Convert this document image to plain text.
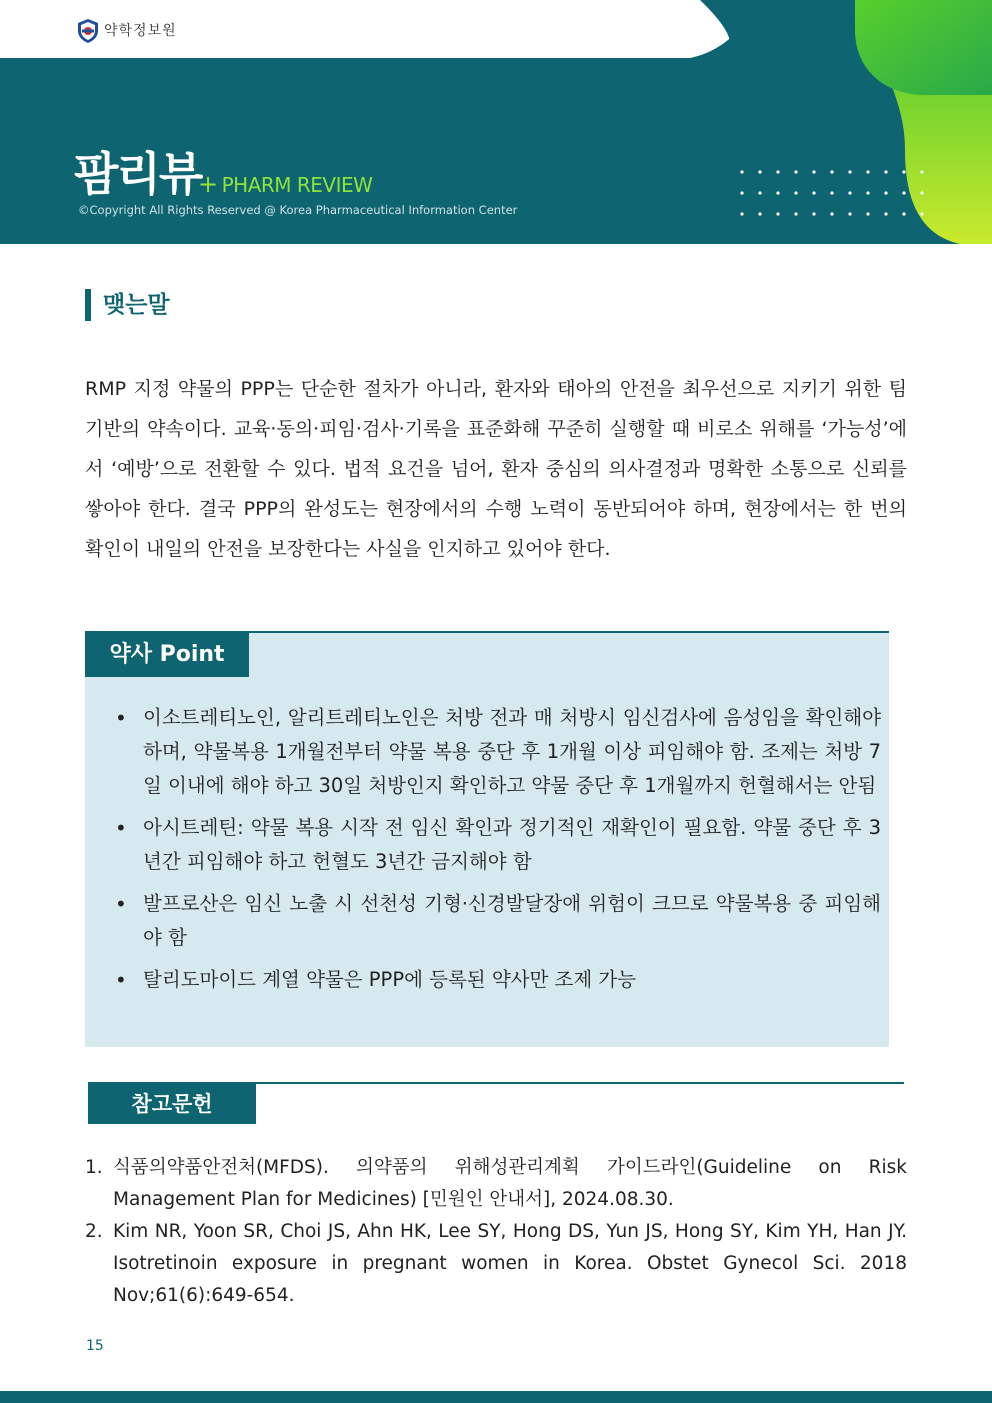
약학정보원
팜리뷰
+ PHARM REVIEW
©Copyright All Rights Reserved @ Korea Pharmaceutical Information Center
맺는말

RMP 지정 약물의 PPP는 단순한 절차가 아니라, 환자와 태아의 안전을 최우선으로 지키기 위한 팀 기반의 약속이다. 교육·동의·피임·검사·기록을 표준화해 꾸준히 실행할 때 비로소 위해를 ‘가능성’에서 ‘예방’으로 전환할 수 있다. 법적 요건을 넘어, 환자 중심의 의사결정과 명확한 소통으로 신뢰를 쌓아야 한다. 결국 PPP의 완성도는 현장에서의 수행 노력이 동반되어야 하며, 현장에서는 한 번의 확인이 내일의 안전을 보장한다는 사실을 인지하고 있어야 한다.

약사 Point
• 이소트레티노인, 알리트레티노인은 처방 전과 매 처방시 임신검사에 음성임을 확인해야 하며, 약물복용 1개월전부터 약물 복용 중단 후 1개월 이상 피임해야 함. 조제는 처방 7일 이내에 해야 하고 30일 처방인지 확인하고 약물 중단 후 1개월까지 헌혈해서는 안됨
• 아시트레틴: 약물 복용 시작 전 임신 확인과 정기적인 재확인이 필요함. 약물 중단 후 3년간 피임해야 하고 헌혈도 3년간 금지해야 함
• 발프로산은 임신 노출 시 선천성 기형·신경발달장애 위험이 크므로 약물복용 중 피임해야 함
• 탈리도마이드 계열 약물은 PPP에 등록된 약사만 조제 가능
참고문헌
1. 식품의약품안전처(MFDS). 의약품의 위해성관리계획 가이드라인(Guideline on Risk Management Plan for Medicines) [민원인 안내서], 2024.08.30.
2. Kim NR, Yoon SR, Choi JS, Ahn HK, Lee SY, Hong DS, Yun JS, Hong SY, Kim YH, Han JY. Isotretinoin exposure in pregnant women in Korea. Obstet Gynecol Sci. 2018 Nov;61(6):649-654.
15
